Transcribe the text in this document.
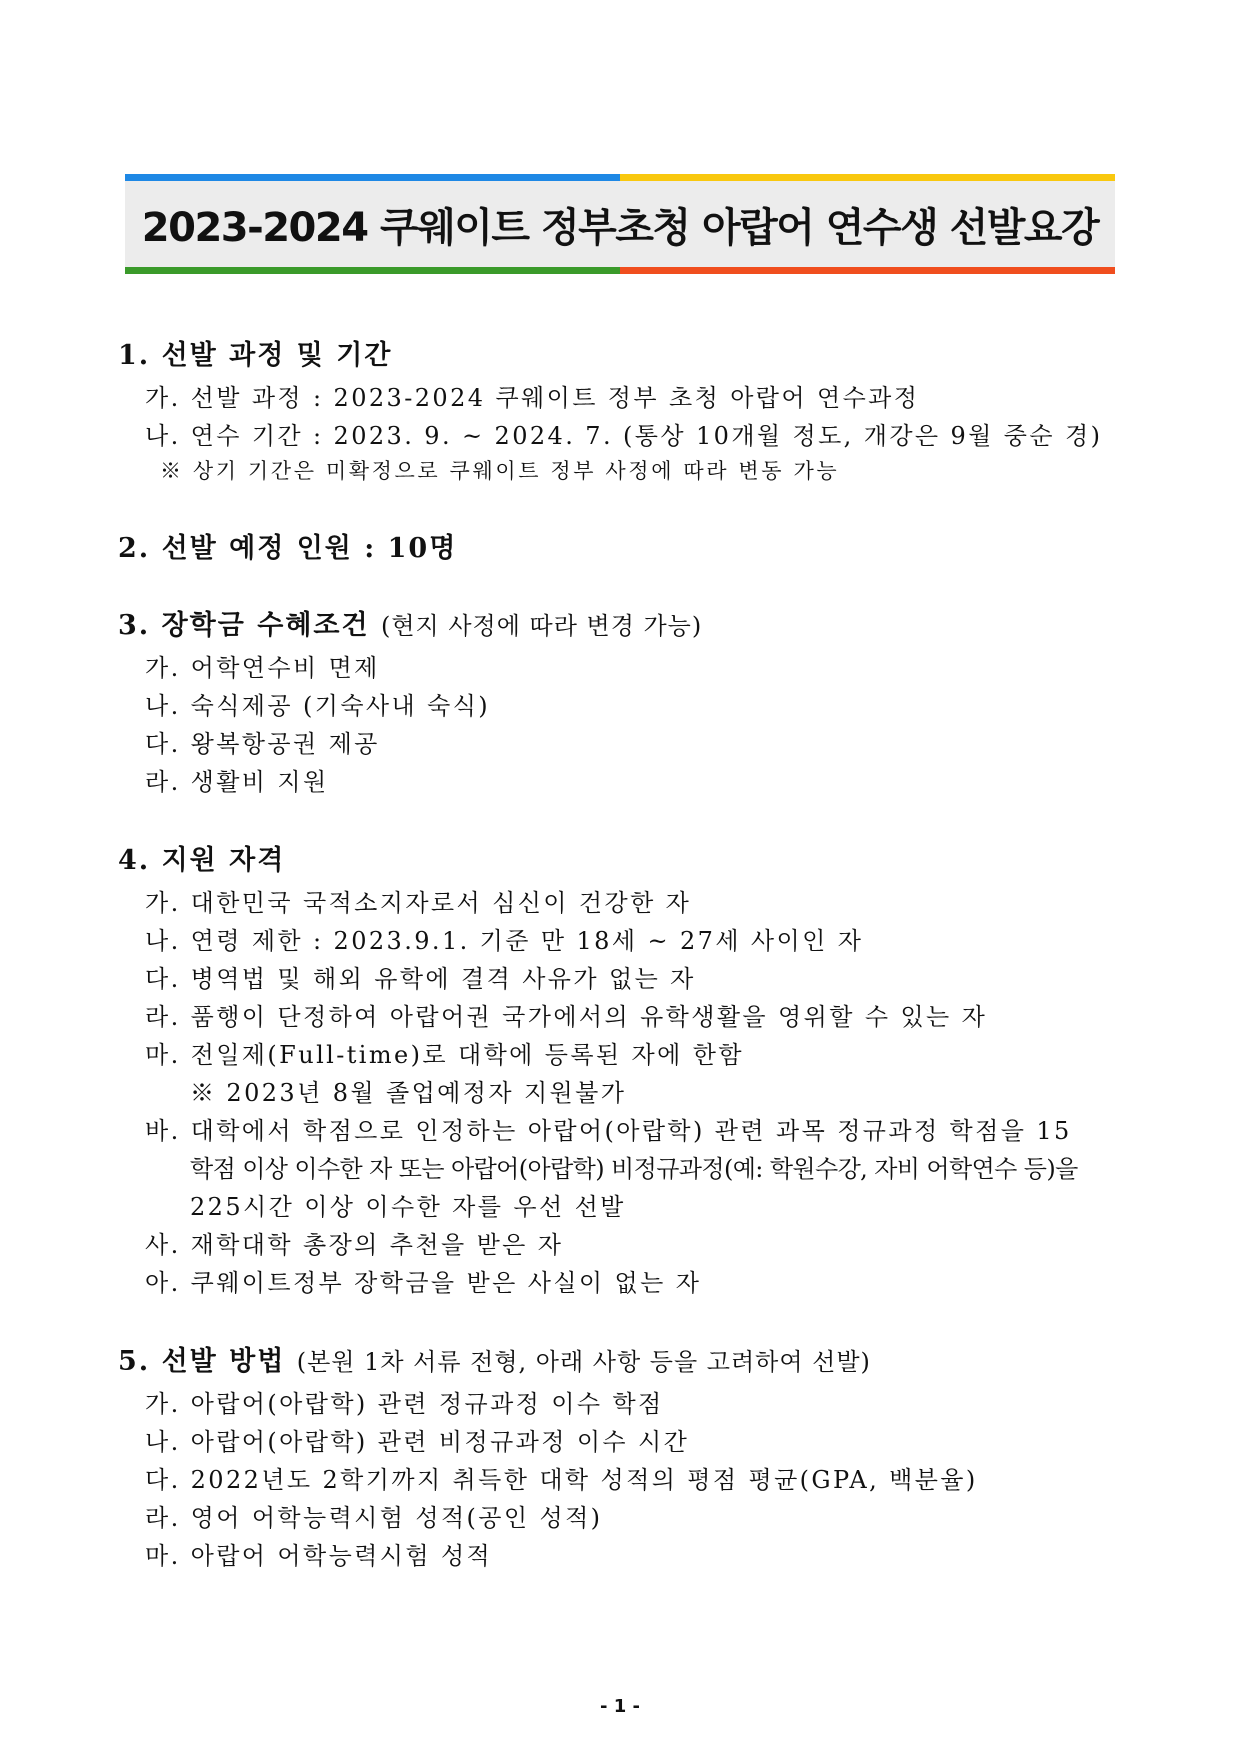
2023-2024 쿠웨이트 정부초청 아랍어 연수생 선발요강
1. 선발 과정 및 기간
가. 선발 과정 : 2023-2024 쿠웨이트 정부 초청 아랍어 연수과정
나. 연수 기간 : 2023. 9. ~ 2024. 7. (통상 10개월 정도, 개강은 9월 중순 경)
※ 상기 기간은 미확정으로 쿠웨이트 정부 사정에 따라 변동 가능
2. 선발 예정 인원 : 10명
3. 장학금 수혜조건 (현지 사정에 따라 변경 가능)
가. 어학연수비 면제
나. 숙식제공 (기숙사내 숙식)
다. 왕복항공권 제공
라. 생활비 지원
4. 지원 자격
가. 대한민국 국적소지자로서 심신이 건강한 자
나. 연령 제한 : 2023.9.1. 기준 만 18세 ~ 27세 사이인 자
다. 병역법 및 해외 유학에 결격 사유가 없는 자
라. 품행이 단정하여 아랍어권 국가에서의 유학생활을 영위할 수 있는 자
마. 전일제(Full-time)로 대학에 등록된 자에 한함
※ 2023년 8월 졸업예정자 지원불가
바. 대학에서 학점으로 인정하는 아랍어(아랍학) 관련 과목 정규과정 학점을 15
학점 이상 이수한 자 또는 아랍어(아랍학) 비정규과정(예: 학원수강, 자비 어학연수 등)을
225시간 이상 이수한 자를 우선 선발
사. 재학대학 총장의 추천을 받은 자
아. 쿠웨이트정부 장학금을 받은 사실이 없는 자
5. 선발 방법 (본원 1차 서류 전형, 아래 사항 등을 고려하여 선발)
가. 아랍어(아랍학) 관련 정규과정 이수 학점
나. 아랍어(아랍학) 관련 비정규과정 이수 시간
다. 2022년도 2학기까지 취득한 대학 성적의 평점 평균(GPA, 백분율)
라. 영어 어학능력시험 성적(공인 성적)
마. 아랍어 어학능력시험 성적
- 1 -
